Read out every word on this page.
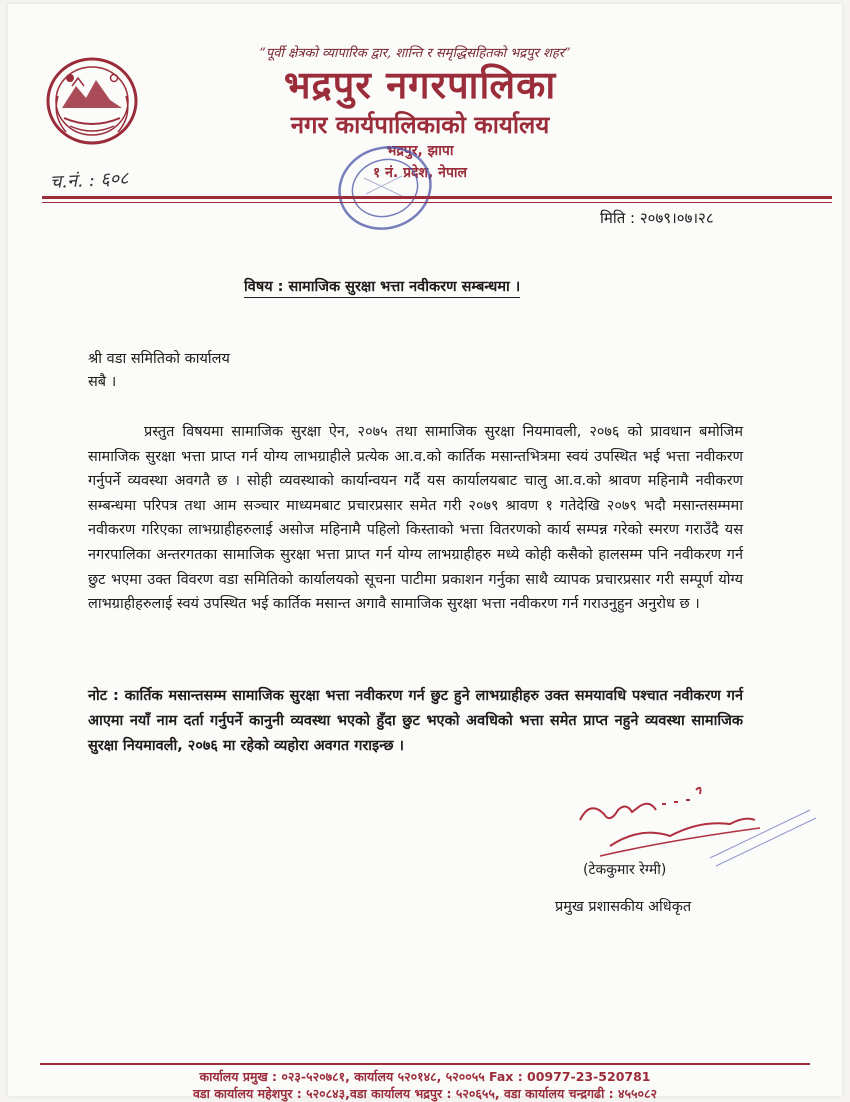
“पूर्वी क्षेत्रको व्यापारिक द्वार, शान्ति र समृद्धिसहितको भद्रपुर शहर”
भद्रपुर नगरपालिका
नगर कार्यपालिकाको कार्यालय
भद्रपुर, झापा
१ नं. प्रदेश, नेपाल
च.नं. : ६०८
मिति : २०७९।०७।२८
विषय : सामाजिक सुरक्षा भत्ता नवीकरण सम्बन्धमा ।
श्री वडा समितिको कार्यालय
सबै ।
प्रस्तुत विषयमा सामाजिक सुरक्षा ऐन, २०७५ तथा सामाजिक सुरक्षा नियमावली, २०७६ को प्रावधान बमोजिम सामाजिक सुरक्षा भत्ता प्राप्त गर्न योग्य लाभग्राहीले प्रत्येक आ.व.को कार्तिक मसान्तभित्रमा स्वयं उपस्थित भई भत्ता नवीकरण गर्नुपर्ने व्यवस्था अवगतै छ । सोही व्यवस्थाको कार्यान्वयन गर्दै यस कार्यालयबाट चालु आ.व.को श्रावण महिनामै नवीकरण सम्बन्धमा परिपत्र तथा आम सञ्चार माध्यमबाट प्रचारप्रसार समेत गरी २०७९ श्रावण १ गतेदेखि २०७९ भदौ मसान्तसम्ममा नवीकरण गरिएका लाभग्राहीहरुलाई असोज महिनामै पहिलो किस्ताको भत्ता वितरणको कार्य सम्पन्न गरेको स्मरण गराउँदै यस नगरपालिका अन्तरगतका सामाजिक सुरक्षा भत्ता प्राप्त गर्न योग्य लाभग्राहीहरु मध्ये कोही कसैको हालसम्म पनि नवीकरण गर्न छुट भएमा उक्त विवरण वडा समितिको कार्यालयको सूचना पाटीमा प्रकाशन गर्नुका साथै व्यापक प्रचारप्रसार गरी सम्पूर्ण योग्य लाभग्राहीहरुलाई स्वयं उपस्थित भई कार्तिक मसान्त अगावै सामाजिक सुरक्षा भत्ता नवीकरण गर्न गराउनुहुन अनुरोध छ ।
नोट : कार्तिक मसान्तसम्म सामाजिक सुरक्षा भत्ता नवीकरण गर्न छुट हुने लाभग्राहीहरु उक्त समयावधि पश्चात नवीकरण गर्न आएमा नयाँ नाम दर्ता गर्नुपर्ने कानुनी व्यवस्था भएको हुँदा छुट भएको अवधिको भत्ता समेत प्राप्त नहुने व्यवस्था सामाजिक सुरक्षा नियमावली, २०७६ मा रहेको व्यहोरा अवगत गराइन्छ ।
(टेककुमार रेग्मी)
प्रमुख प्रशासकीय अधिकृत
कार्यालय प्रमुख : ०२३-५२०७८१, कार्यालय ५२०१४८, ५२००५५ Fax : 00977-23-520781
वडा कार्यालय महेशपुर : ५२०८४३,वडा कार्यालय भद्रपुर : ५२०६५५, वडा कार्यालय चन्द्रगढी : ४५५०८२
